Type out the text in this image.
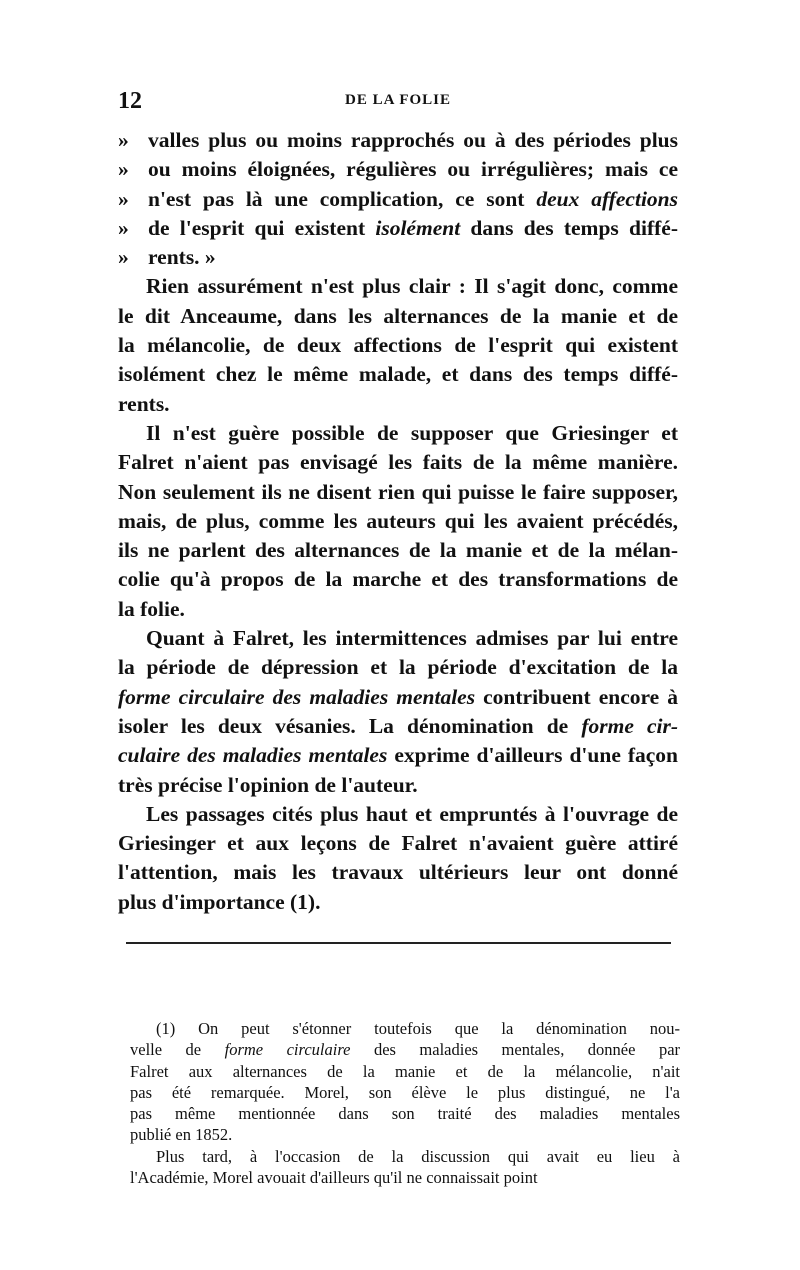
12	DE LA FOLIE
» valles plus ou moins rapprochés ou à des périodes plus
» ou moins éloignées, régulières ou irrégulières; mais ce
» n'est pas là une complication, ce sont deux affections
» de l'esprit qui existent isolément dans des temps diffé-
» rents. »
Rien assurément n'est plus clair : Il s'agit donc, comme
le dit Anceaume, dans les alternances de la manie et de
la mélancolie, de deux affections de l'esprit qui existent
isolément chez le même malade, et dans des temps diffé-
rents.
Il n'est guère possible de supposer que Griesinger et
Falret n'aient pas envisagé les faits de la même manière.
Non seulement ils ne disent rien qui puisse le faire supposer,
mais, de plus, comme les auteurs qui les avaient précédés,
ils ne parlent des alternances de la manie et de la mélan-
colie qu'à propos de la marche et des transformations de
la folie.
Quant à Falret, les intermittences admises par lui entre
la période de dépression et la période d'excitation de la
forme circulaire des maladies mentales contribuent encore à
isoler les deux vésanies. La dénomination de forme cir-
culaire des maladies mentales exprime d'ailleurs d'une façon
très précise l'opinion de l'auteur.
Les passages cités plus haut et empruntés à l'ouvrage de
Griesinger et aux leçons de Falret n'avaient guère attiré
l'attention, mais les travaux ultérieurs leur ont donné
plus d'importance (1).
(1) On peut s'étonner toutefois que la dénomination nou-
velle de forme circulaire des maladies mentales, donnée par
Falret aux alternances de la manie et de la mélancolie, n'ait
pas été remarquée. Morel, son élève le plus distingué, ne l'a
pas même mentionnée dans son traité des maladies mentales
publié en 1852.
Plus tard, à l'occasion de la discussion qui avait eu lieu à
l'Académie, Morel avouait d'ailleurs qu'il ne connaissait point
